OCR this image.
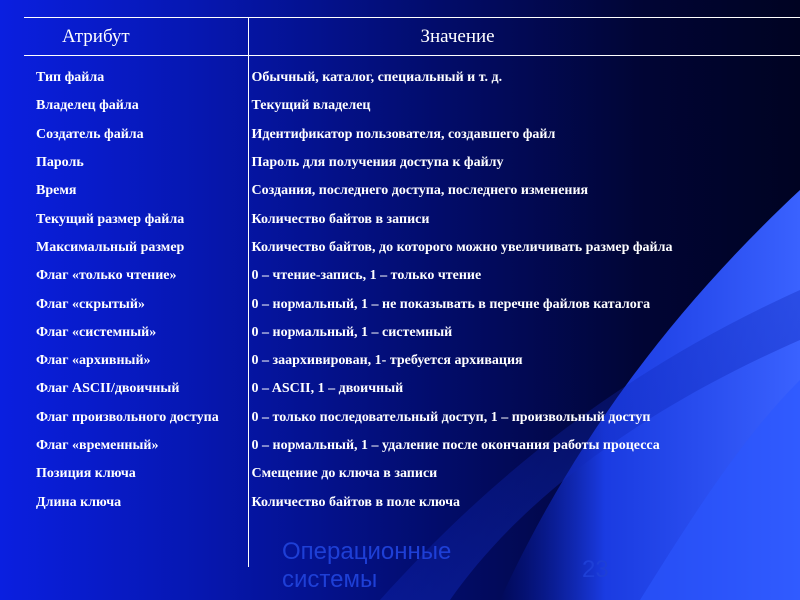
Атрибут	Значение
Тип файла	Обычный, каталог, специальный и т. д.
Владелец файла	Текущий владелец
Создатель файла	Идентификатор пользователя, создавшего файл
Пароль	Пароль для получения доступа к файлу
Время	Создания, последнего доступа, последнего изменения
Текущий размер файла	Количество байтов в записи
Максимальный размер	Количество байтов, до которого можно увеличивать размер файла
Флаг «только чтение»	0 – чтение-запись, 1 – только чтение
Флаг «скрытый»	0 – нормальный, 1 – не показывать в перечне файлов каталога
Флаг «системный»	0 – нормальный, 1 – системный
Флаг «архивный»	0 – заархивирован, 1- требуется архивация
Флаг ASCII/двоичный	0 – ASCII, 1 – двоичный
Флаг произвольного доступа	0 – только последовательный доступ, 1 – произвольный доступ
Флаг «временный»	0 – нормальный, 1 – удаление после окончания работы процесса
Позиция ключа	Смещение до ключа в записи
Длина ключа	Количество байтов в поле ключа

Операционные системы	23
